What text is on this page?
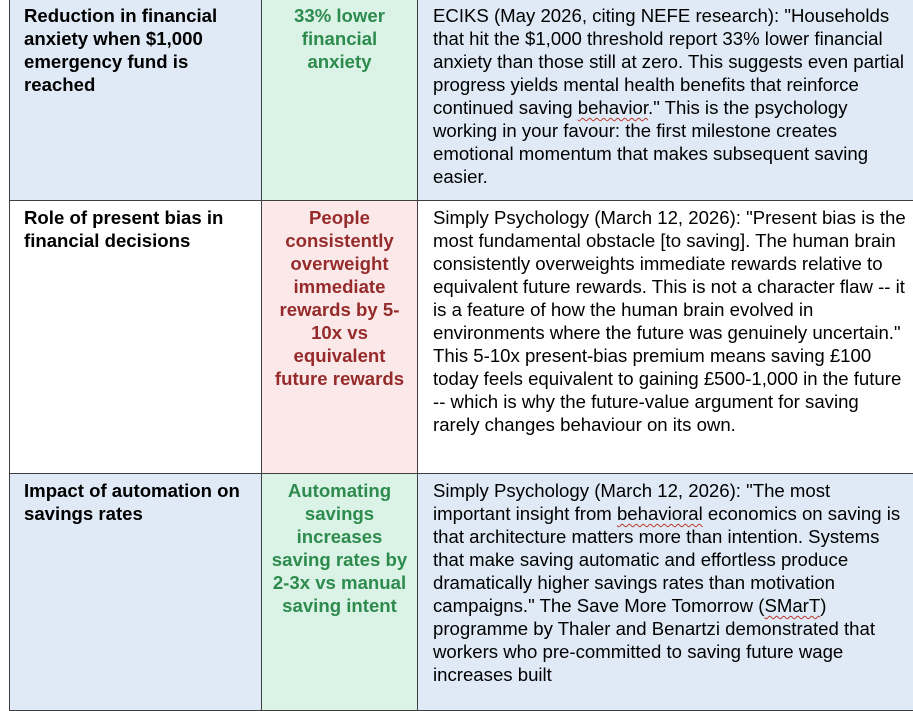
Reduction in financial anxiety when $1,000 emergency fund is reached	33% lower financial anxiety	ECIKS (May 2026, citing NEFE research): "Households that hit the $1,000 threshold report 33% lower financial anxiety than those still at zero. This suggests even partial progress yields mental health benefits that reinforce continued saving behavior." This is the psychology working in your favour: the first milestone creates emotional momentum that makes subsequent saving easier.
Role of present bias in financial decisions	People consistently overweight immediate rewards by 5-10x vs equivalent future rewards	Simply Psychology (March 12, 2026): "Present bias is the most fundamental obstacle [to saving]. The human brain consistently overweights immediate rewards relative to equivalent future rewards. This is not a character flaw -- it is a feature of how the human brain evolved in environments where the future was genuinely uncertain." This 5-10x present-bias premium means saving £100 today feels equivalent to gaining £500-1,000 in the future -- which is why the future-value argument for saving rarely changes behaviour on its own.
Impact of automation on savings rates	Automating savings increases saving rates by 2-3x vs manual saving intent	Simply Psychology (March 12, 2026): "The most important insight from behavioral economics on saving is that architecture matters more than intention. Systems that make saving automatic and effortless produce dramatically higher savings rates than motivation campaigns." The Save More Tomorrow (SMarT) programme by Thaler and Benartzi demonstrated that workers who pre-committed to saving future wage increases built
